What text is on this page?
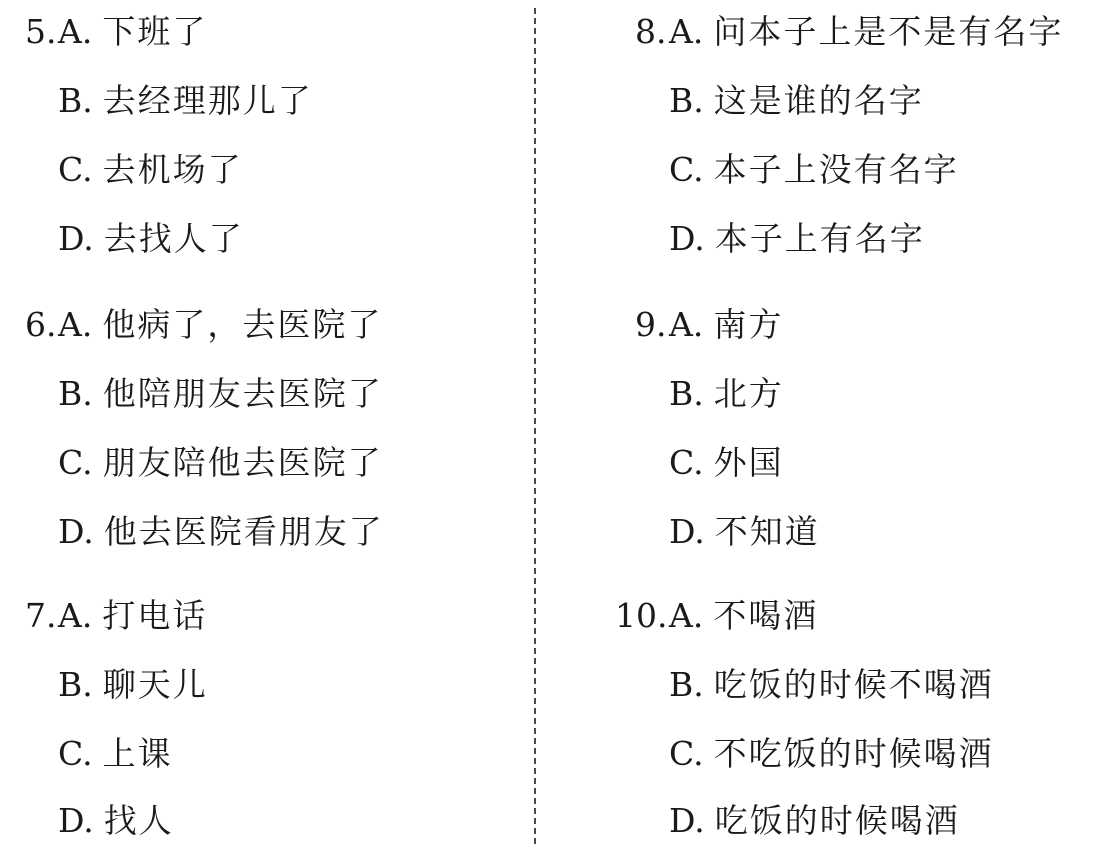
5. A. 下班了
B. 去经理那儿了
C. 去机场了
D. 去找人了
6. A. 他病了，去医院了
B. 他陪朋友去医院了
C. 朋友陪他去医院了
D. 他去医院看朋友了
7. A. 打电话
B. 聊天儿
C. 上课
D. 找人
8. A. 问本子上是不是有名字
B. 这是谁的名字
C. 本子上没有名字
D. 本子上有名字
9. A. 南方
B. 北方
C. 外国
D. 不知道
10. A. 不喝酒
B. 吃饭的时候不喝酒
C. 不吃饭的时候喝酒
D. 吃饭的时候喝酒
